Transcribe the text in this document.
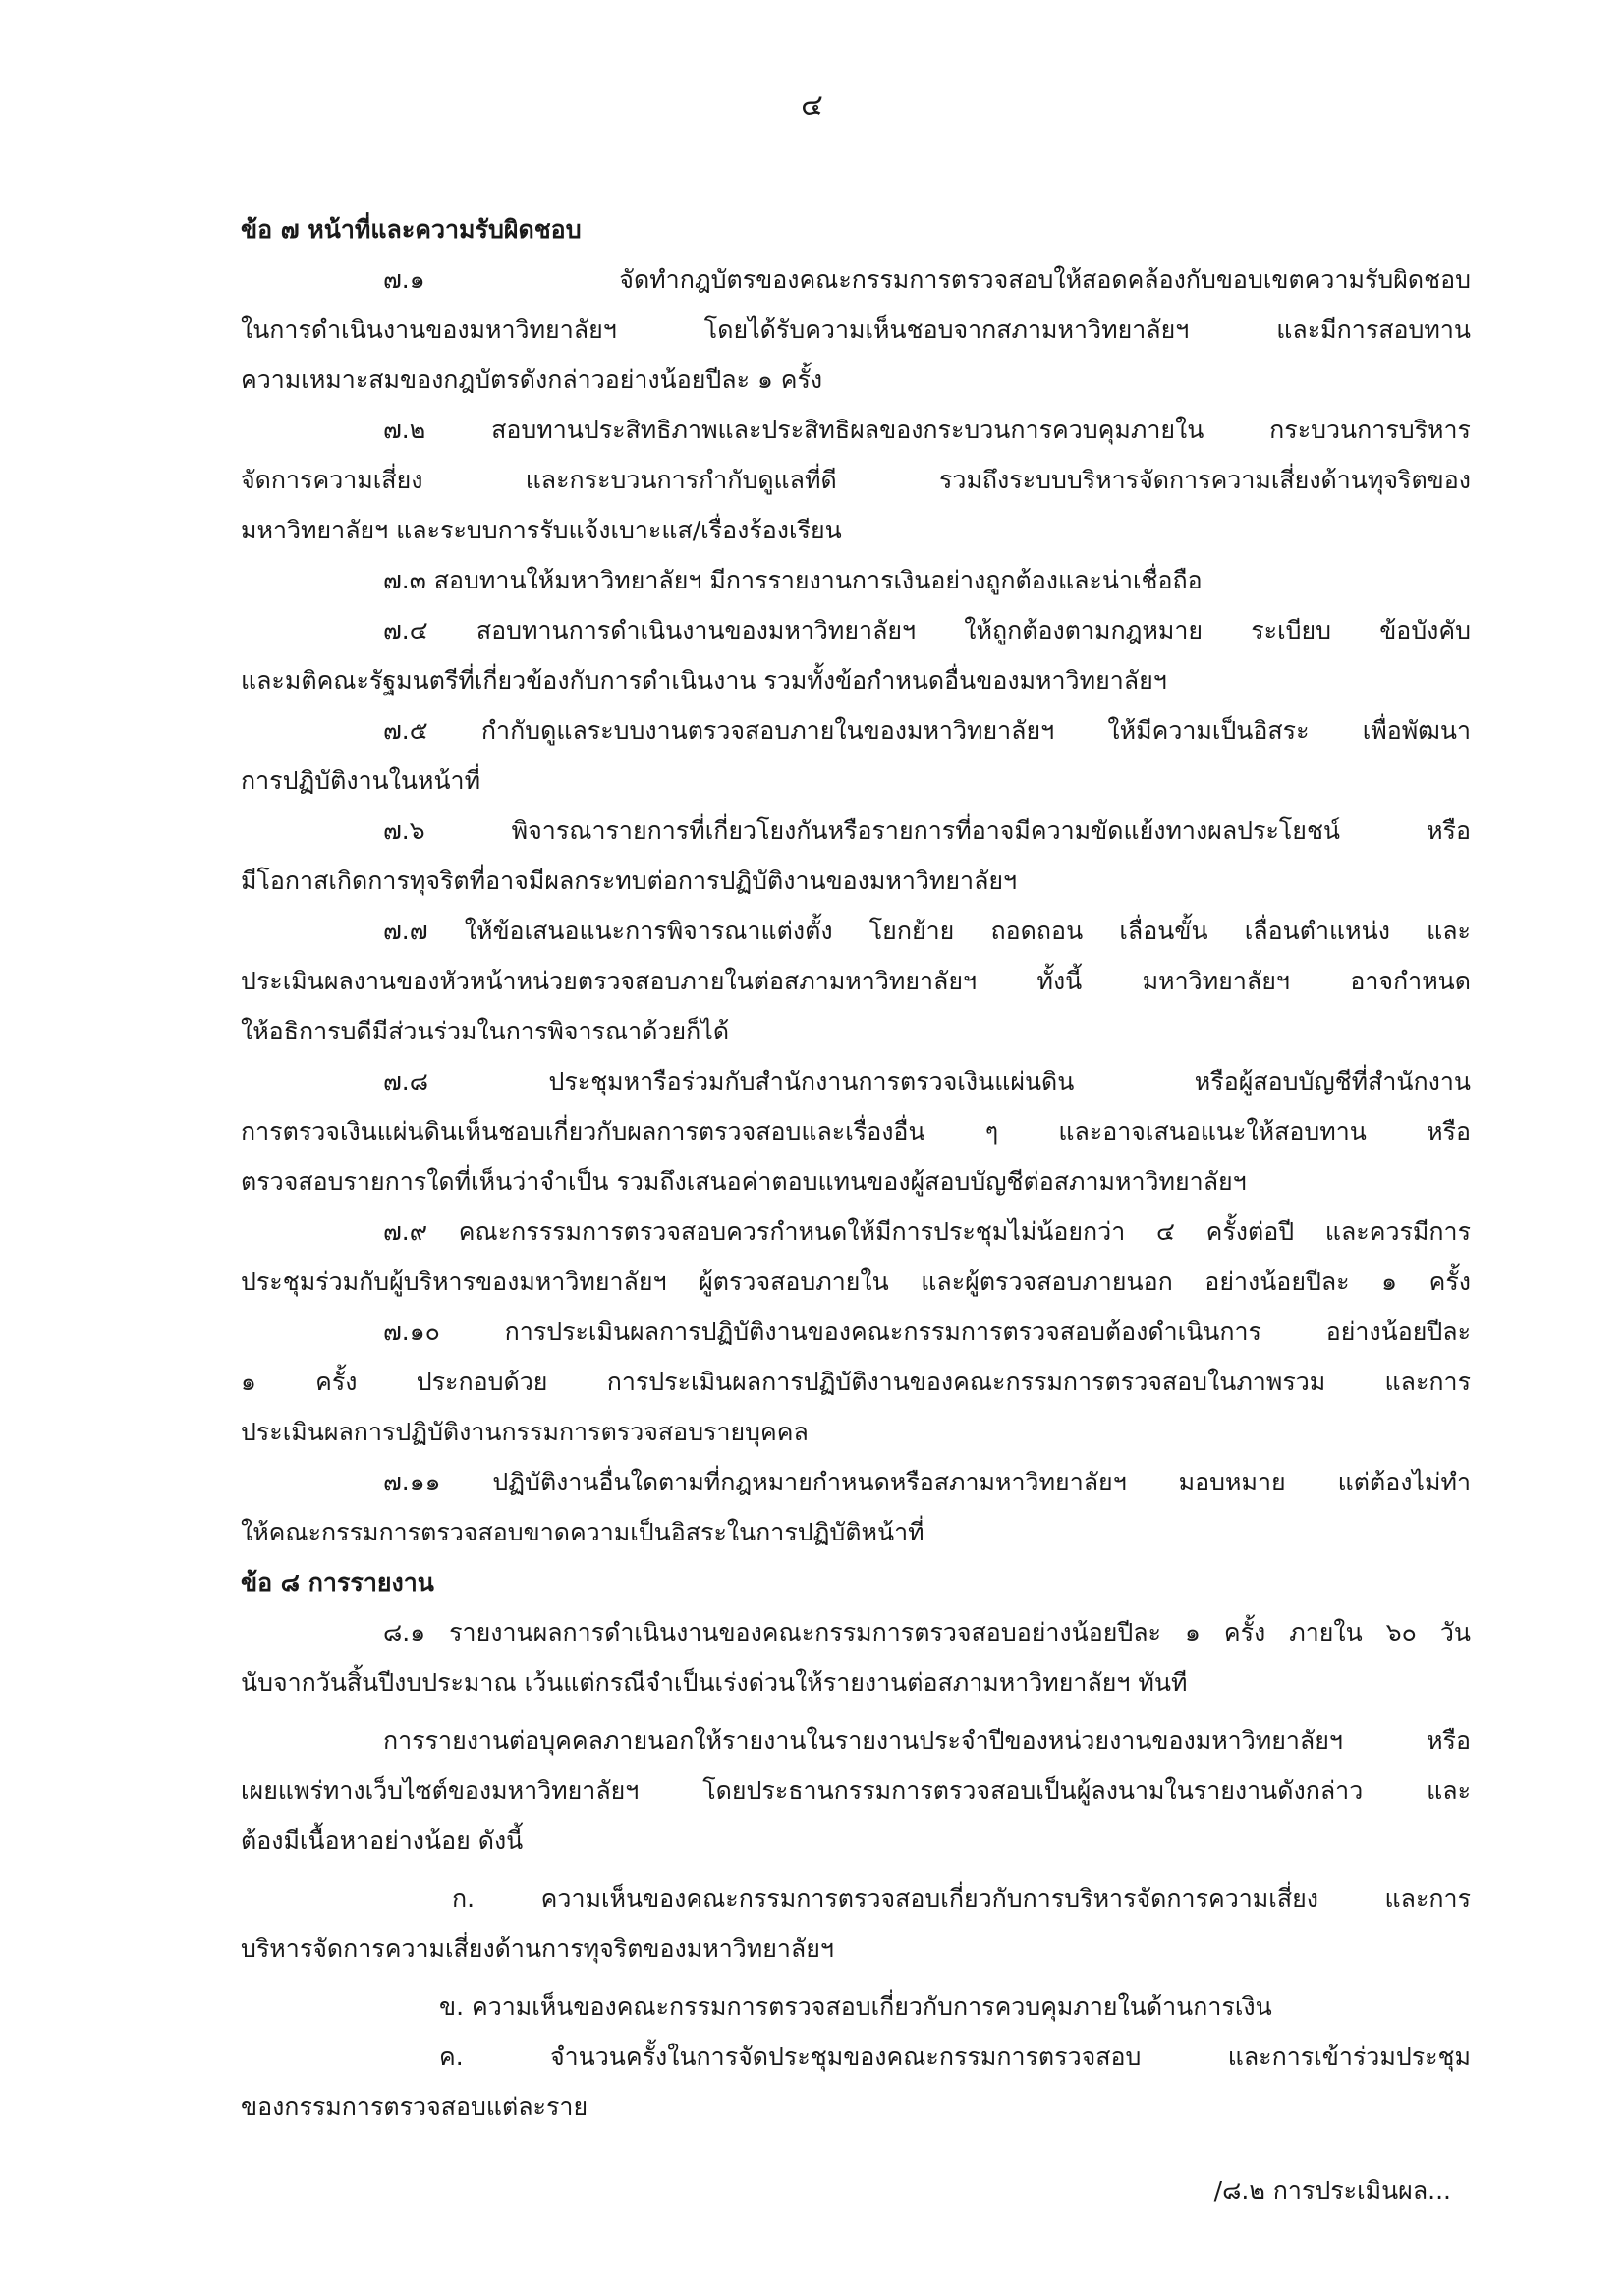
๔
ข้อ ๗ หน้าที่และความรับผิดชอบ
๗.๑ จัดทำกฎบัตรของคณะกรรมการตรวจสอบให้สอดคล้องกับขอบเขตความรับผิดชอบ
ในการดำเนินงานของมหาวิทยาลัยฯ โดยได้รับความเห็นชอบจากสภามหาวิทยาลัยฯ และมีการสอบทาน
ความเหมาะสมของกฎบัตรดังกล่าวอย่างน้อยปีละ ๑ ครั้ง
๗.๒ สอบทานประสิทธิภาพและประสิทธิผลของกระบวนการควบคุมภายใน กระบวนการบริหาร
จัดการความเสี่ยง และกระบวนการกำกับดูแลที่ดี รวมถึงระบบบริหารจัดการความเสี่ยงด้านทุจริตของ
มหาวิทยาลัยฯ และระบบการรับแจ้งเบาะแส/เรื่องร้องเรียน
๗.๓ สอบทานให้มหาวิทยาลัยฯ มีการรายงานการเงินอย่างถูกต้องและน่าเชื่อถือ
๗.๔ สอบทานการดำเนินงานของมหาวิทยาลัยฯ ให้ถูกต้องตามกฎหมาย ระเบียบ ข้อบังคับ
และมติคณะรัฐมนตรีที่เกี่ยวข้องกับการดำเนินงาน รวมทั้งข้อกำหนดอื่นของมหาวิทยาลัยฯ
๗.๕ กำกับดูแลระบบงานตรวจสอบภายในของมหาวิทยาลัยฯ ให้มีความเป็นอิสระ เพื่อพัฒนา
การปฏิบัติงานในหน้าที่
๗.๖ พิจารณารายการที่เกี่ยวโยงกันหรือรายการที่อาจมีความขัดแย้งทางผลประโยชน์ หรือ
มีโอกาสเกิดการทุจริตที่อาจมีผลกระทบต่อการปฏิบัติงานของมหาวิทยาลัยฯ
๗.๗ ให้ข้อเสนอแนะการพิจารณาแต่งตั้ง โยกย้าย ถอดถอน เลื่อนขั้น เลื่อนตำแหน่ง และ
ประเมินผลงานของหัวหน้าหน่วยตรวจสอบภายในต่อสภามหาวิทยาลัยฯ ทั้งนี้ มหาวิทยาลัยฯ อาจกำหนด
ให้อธิการบดีมีส่วนร่วมในการพิจารณาด้วยก็ได้
๗.๘ ประชุมหารือร่วมกับสำนักงานการตรวจเงินแผ่นดิน หรือผู้สอบบัญชีที่สำนักงาน
การตรวจเงินแผ่นดินเห็นชอบเกี่ยวกับผลการตรวจสอบและเรื่องอื่น ๆ และอาจเสนอแนะให้สอบทาน หรือ
ตรวจสอบรายการใดที่เห็นว่าจำเป็น รวมถึงเสนอค่าตอบแทนของผู้สอบบัญชีต่อสภามหาวิทยาลัยฯ
๗.๙ คณะกรรรมการตรวจสอบควรกำหนดให้มีการประชุมไม่น้อยกว่า ๔ ครั้งต่อปี และควรมีการ
ประชุมร่วมกับผู้บริหารของมหาวิทยาลัยฯ ผู้ตรวจสอบภายใน และผู้ตรวจสอบภายนอก อย่างน้อยปีละ ๑ ครั้ง
๗.๑๐ การประเมินผลการปฏิบัติงานของคณะกรรมการตรวจสอบต้องดำเนินการ อย่างน้อยปีละ
๑ ครั้ง ประกอบด้วย การประเมินผลการปฏิบัติงานของคณะกรรมการตรวจสอบในภาพรวม และการ
ประเมินผลการปฏิบัติงานกรรมการตรวจสอบรายบุคคล
๗.๑๑ ปฏิบัติงานอื่นใดตามที่กฎหมายกำหนดหรือสภามหาวิทยาลัยฯ มอบหมาย แต่ต้องไม่ทำ
ให้คณะกรรมการตรวจสอบขาดความเป็นอิสระในการปฏิบัติหน้าที่
ข้อ ๘ การรายงาน
๘.๑ รายงานผลการดำเนินงานของคณะกรรมการตรวจสอบอย่างน้อยปีละ ๑ ครั้ง ภายใน ๖๐ วัน
นับจากวันสิ้นปีงบประมาณ เว้นแต่กรณีจำเป็นเร่งด่วนให้รายงานต่อสภามหาวิทยาลัยฯ ทันที
การรายงานต่อบุคคลภายนอกให้รายงานในรายงานประจำปีของหน่วยงานของมหาวิทยาลัยฯ หรือ
เผยแพร่ทางเว็บไซต์ของมหาวิทยาลัยฯ โดยประธานกรรมการตรวจสอบเป็นผู้ลงนามในรายงานดังกล่าว และ
ต้องมีเนื้อหาอย่างน้อย ดังนี้
ก. ความเห็นของคณะกรรมการตรวจสอบเกี่ยวกับการบริหารจัดการความเสี่ยง และการ
บริหารจัดการความเสี่ยงด้านการทุจริตของมหาวิทยาลัยฯ
ข. ความเห็นของคณะกรรมการตรวจสอบเกี่ยวกับการควบคุมภายในด้านการเงิน
ค. จำนวนครั้งในการจัดประชุมของคณะกรรมการตรวจสอบ และการเข้าร่วมประชุม
ของกรรมการตรวจสอบแต่ละราย
/๘.๒ การประเมินผล...
